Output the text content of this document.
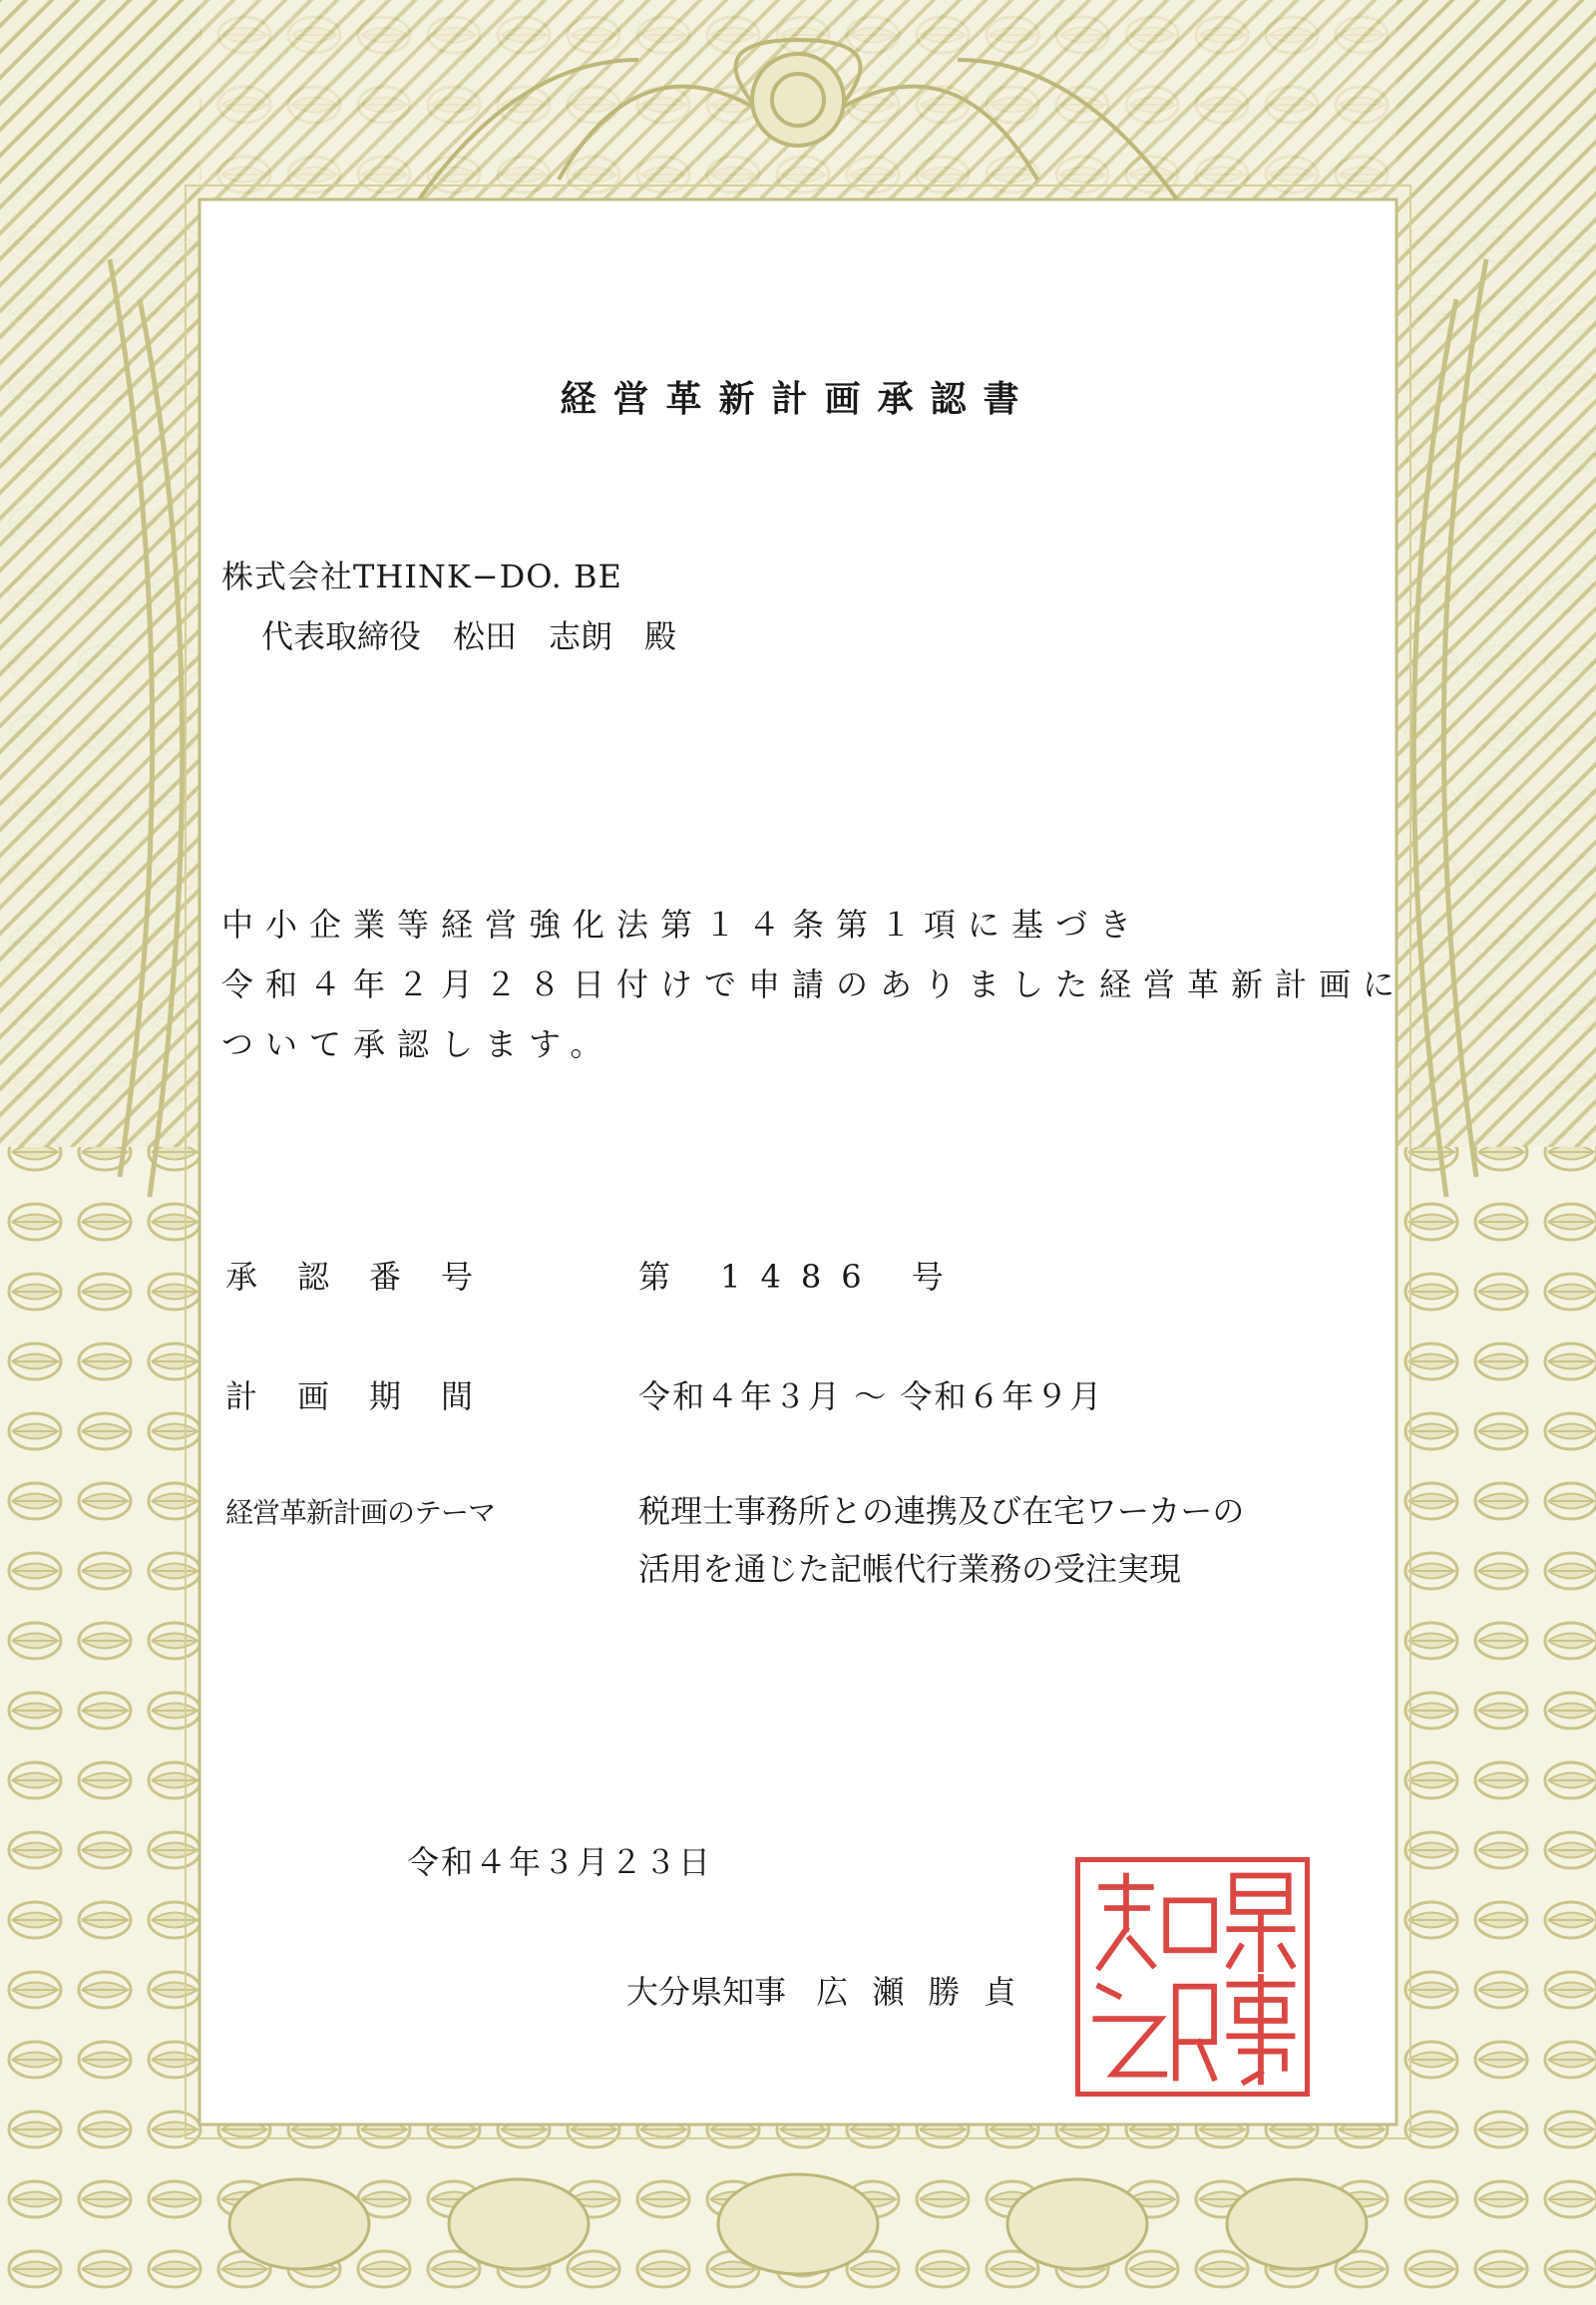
経営革新計画承認書
株式会社THINK−DO. BE
代表取締役　松田　志朗　殿
中小企業等経営強化法第１４条第１項に基づき
令和４年２月２８日付けで申請のありました経営革新計画に
ついて承認します。
承認番号	第 1486 号
計画期間	令和４年３月 〜 令和６年９月
経営革新計画のテーマ	税理士事務所との連携及び在宅ワーカーの
活用を通じた記帳代行業務の受注実現
令和４年３月２３日
大分県知事 広瀬勝貞
